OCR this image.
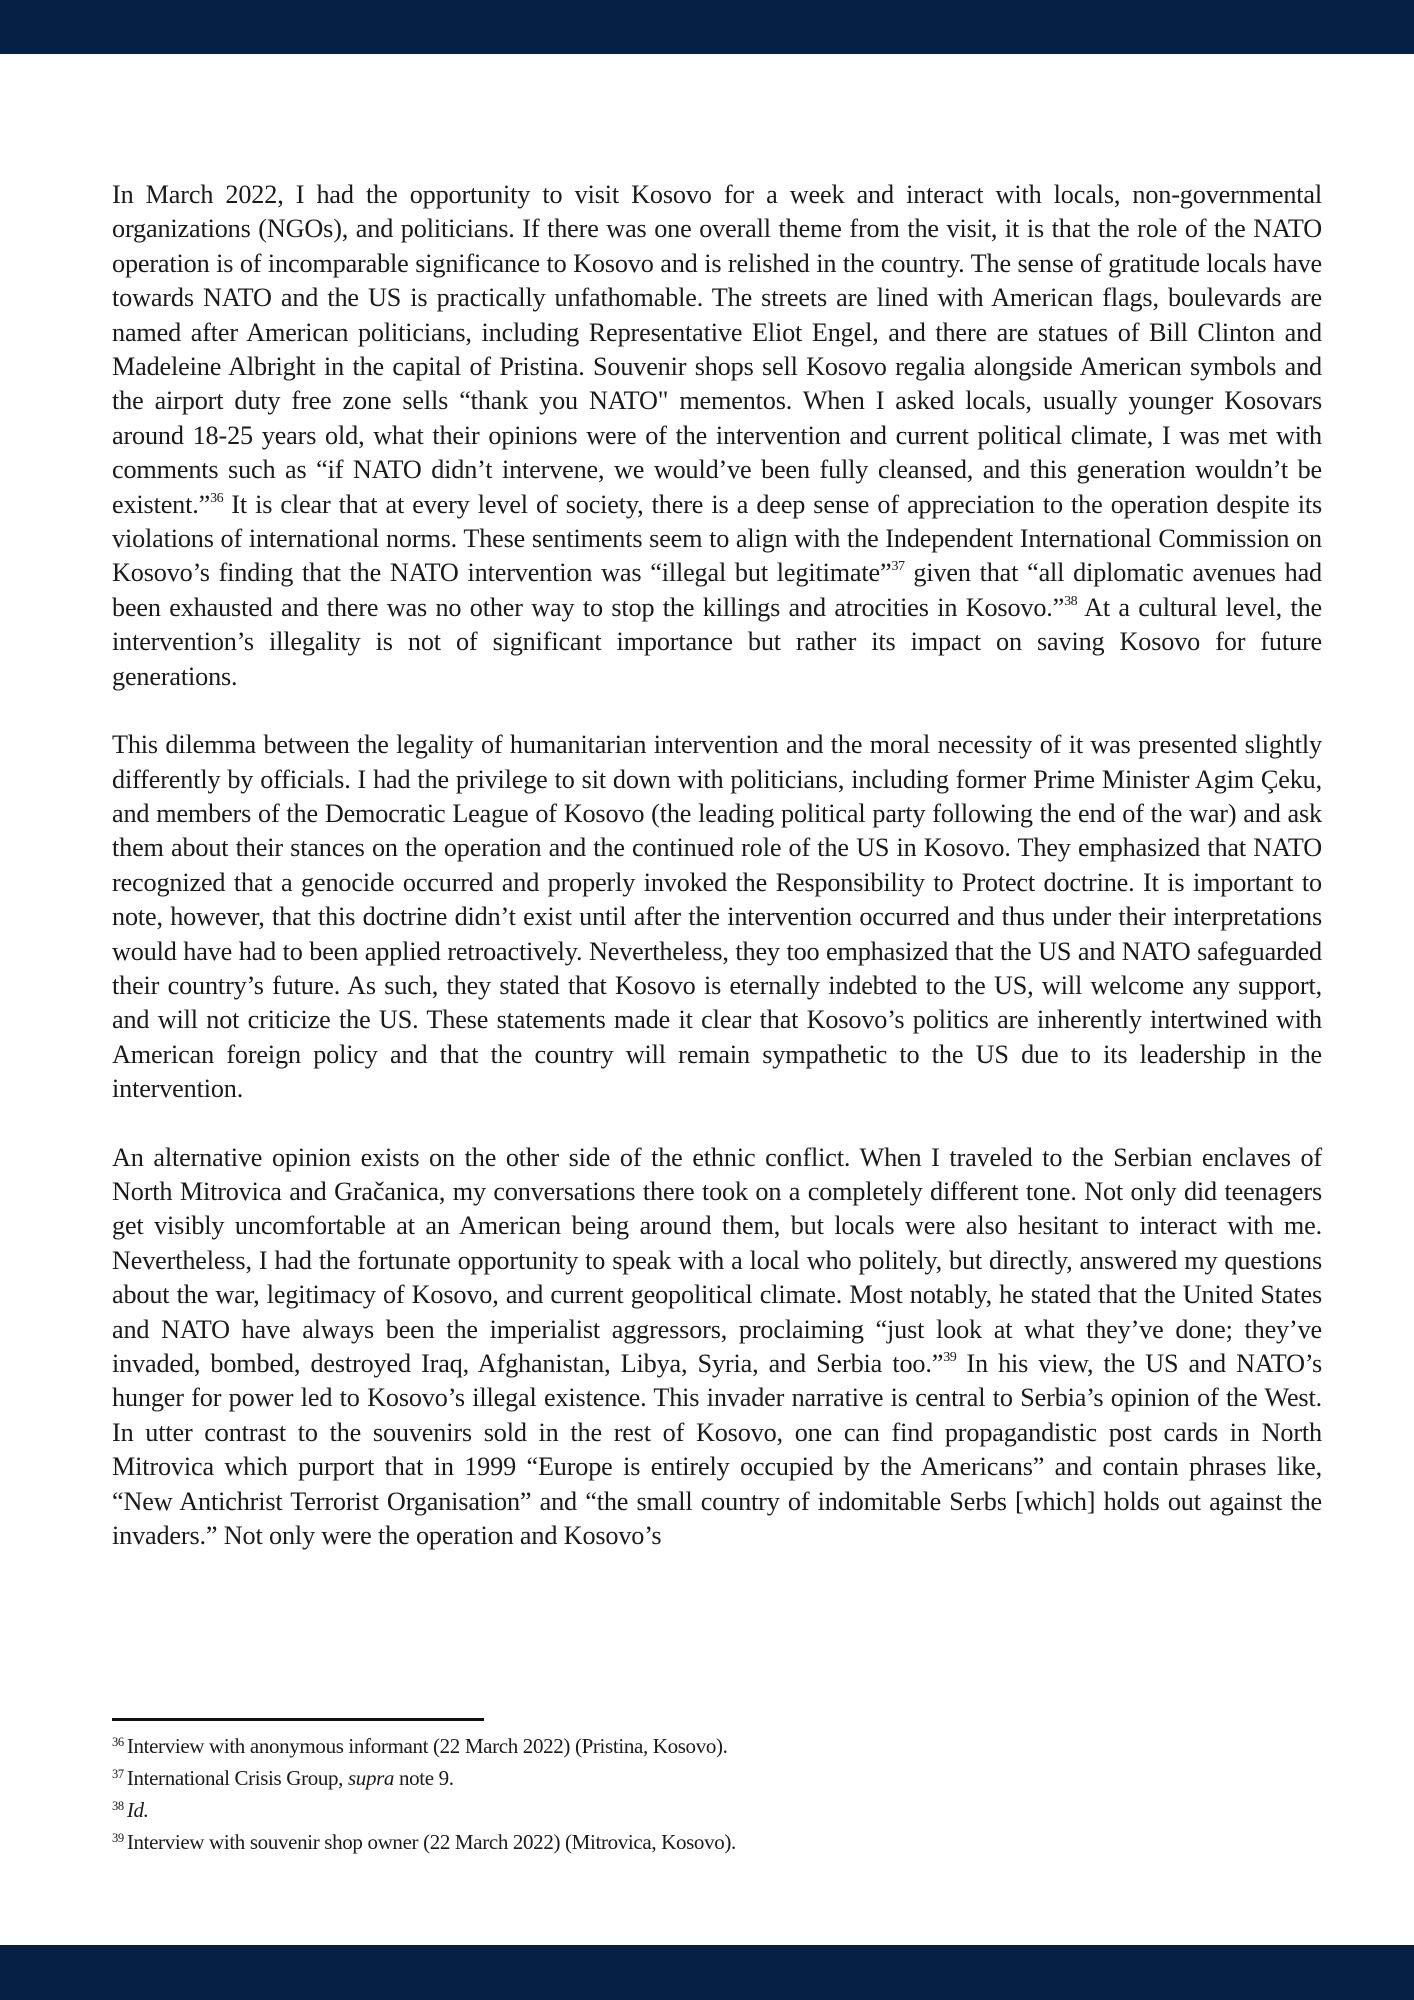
In March 2022, I had the opportunity to visit Kosovo for a week and interact with locals, non-governmental organizations (NGOs), and politicians. If there was one overall theme from the visit, it is that the role of the NATO operation is of incomparable significance to Kosovo and is relished in the country. The sense of gratitude locals have towards NATO and the US is practically unfathomable. The streets are lined with American flags, boulevards are named after American politicians, including Representative Eliot Engel, and there are statues of Bill Clinton and Madeleine Albright in the capital of Pristina. Souvenir shops sell Kosovo regalia alongside American symbols and the airport duty free zone sells “thank you NATO" mementos. When I asked locals, usually younger Kosovars around 18-25 years old, what their opinions were of the intervention and current political climate, I was met with comments such as “if NATO didn’t intervene, we would’ve been fully cleansed, and this generation wouldn’t be existent.”$^{36}$ It is clear that at every level of society, there is a deep sense of appreciation to the operation despite its violations of international norms. These sentiments seem to align with the Independent International Commission on Kosovo’s finding that the NATO intervention was “illegal but legitimate”$^{37}$ given that “all diplomatic avenues had been exhausted and there was no other way to stop the killings and atrocities in Kosovo.”$^{38}$ At a cultural level, the intervention’s illegality is not of significant importance but rather its impact on saving Kosovo for future generations.

This dilemma between the legality of humanitarian intervention and the moral necessity of it was presented slightly differently by officials. I had the privilege to sit down with politicians, including former Prime Minister Agim Çeku, and members of the Democratic League of Kosovo (the leading political party following the end of the war) and ask them about their stances on the operation and the continued role of the US in Kosovo. They emphasized that NATO recognized that a genocide occurred and properly invoked the Responsibility to Protect doctrine. It is important to note, however, that this doctrine didn’t exist until after the intervention occurred and thus under their interpretations would have had to been applied retroactively. Nevertheless, they too emphasized that the US and NATO safeguarded their country’s future. As such, they stated that Kosovo is eternally indebted to the US, will welcome any support, and will not criticize the US. These statements made it clear that Kosovo’s politics are inherently intertwined with American foreign policy and that the country will remain sympathetic to the US due to its leadership in the intervention.

An alternative opinion exists on the other side of the ethnic conflict. When I traveled to the Serbian enclaves of North Mitrovica and Gračanica, my conversations there took on a completely different tone. Not only did teenagers get visibly uncomfortable at an American being around them, but locals were also hesitant to interact with me. Nevertheless, I had the fortunate opportunity to speak with a local who politely, but directly, answered my questions about the war, legitimacy of Kosovo, and current geopolitical climate. Most notably, he stated that the United States and NATO have always been the imperialist aggressors, proclaiming “just look at what they’ve done; they’ve invaded, bombed, destroyed Iraq, Afghanistan, Libya, Syria, and Serbia too.”$^{39}$ In his view, the US and NATO’s hunger for power led to Kosovo’s illegal existence. This invader narrative is central to Serbia’s opinion of the West. In utter contrast to the souvenirs sold in the rest of Kosovo, one can find propagandistic post cards in North Mitrovica which purport that in 1999 “Europe is entirely occupied by the Americans” and contain phrases like, “New Antichrist Terrorist Organisation” and “the small country of indomitable Serbs [which] holds out against the invaders.” Not only were the operation and Kosovo’s

$^{36}$ Interview with anonymous informant (22 March 2022) (Pristina, Kosovo).
$^{37}$ International Crisis Group, supra note 9.
$^{38}$ Id.
$^{39}$ Interview with souvenir shop owner (22 March 2022) (Mitrovica, Kosovo).
